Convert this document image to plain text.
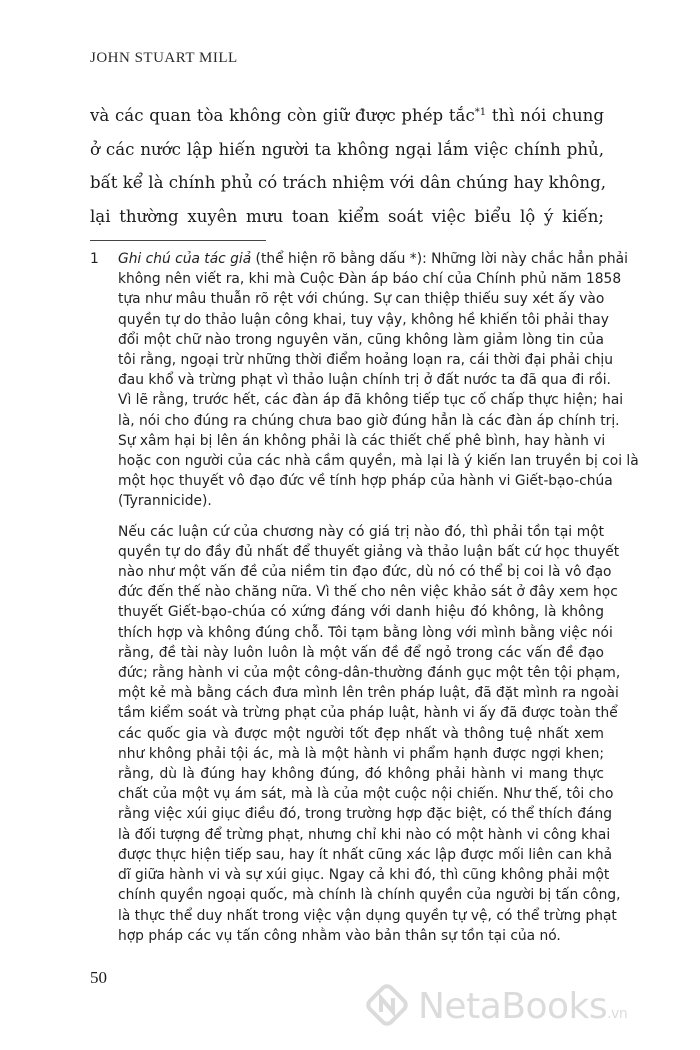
JOHN STUART MILL
và các quan tòa không còn giữ được phép tắc$^{*1}$ thì nói chung
ở các nước lập hiến người ta không ngại lắm việc chính phủ,
bất kể là chính phủ có trách nhiệm với dân chúng hay không,
lại thường xuyên mưu toan kiểm soát việc biểu lộ ý kiến;
1 Ghi chú của tác giả (thể hiện rõ bằng dấu *): Những lời này chắc hẳn phải
không nên viết ra, khi mà Cuộc Đàn áp báo chí của Chính phủ năm 1858
tựa như mâu thuẫn rõ rệt với chúng. Sự can thiệp thiếu suy xét ấy vào
quyền tự do thảo luận công khai, tuy vậy, không hề khiến tôi phải thay
đổi một chữ nào trong nguyên văn, cũng không làm giảm lòng tin của
tôi rằng, ngoại trừ những thời điểm hoảng loạn ra, cái thời đại phải chịu
đau khổ và trừng phạt vì thảo luận chính trị ở đất nước ta đã qua đi rồi.
Vì lẽ rằng, trước hết, các đàn áp đã không tiếp tục cố chấp thực hiện; hai
là, nói cho đúng ra chúng chưa bao giờ đúng hẳn là các đàn áp chính trị.
Sự xâm hại bị lên án không phải là các thiết chế phê bình, hay hành vi
hoặc con người của các nhà cầm quyền, mà lại là ý kiến lan truyền bị coi là
một học thuyết vô đạo đức về tính hợp pháp của hành vi Giết-bạo-chúa
(Tyrannicide).
Nếu các luận cứ của chương này có giá trị nào đó, thì phải tồn tại một
quyền tự do đầy đủ nhất để thuyết giảng và thảo luận bất cứ học thuyết
nào như một vấn đề của niềm tin đạo đức, dù nó có thể bị coi là vô đạo
đức đến thế nào chăng nữa. Vì thế cho nên việc khảo sát ở đây xem học
thuyết Giết-bạo-chúa có xứng đáng với danh hiệu đó không, là không
thích hợp và không đúng chỗ. Tôi tạm bằng lòng với mình bằng việc nói
rằng, đề tài này luôn luôn là một vấn đề để ngỏ trong các vấn đề đạo
đức; rằng hành vi của một công-dân-thường đánh gục một tên tội phạm,
một kẻ mà bằng cách đưa mình lên trên pháp luật, đã đặt mình ra ngoài
tầm kiểm soát và trừng phạt của pháp luật, hành vi ấy đã được toàn thể
các quốc gia và được một người tốt đẹp nhất và thông tuệ nhất xem
như không phải tội ác, mà là một hành vi phẩm hạnh được ngợi khen;
rằng, dù là đúng hay không đúng, đó không phải hành vi mang thực
chất của một vụ ám sát, mà là của một cuộc nội chiến. Như thế, tôi cho
rằng việc xúi giục điều đó, trong trường hợp đặc biệt, có thể thích đáng
là đối tượng để trừng phạt, nhưng chỉ khi nào có một hành vi công khai
được thực hiện tiếp sau, hay ít nhất cũng xác lập được mối liên can khả
dĩ giữa hành vi và sự xúi giục. Ngay cả khi đó, thì cũng không phải một
chính quyền ngoại quốc, mà chính là chính quyền của người bị tấn công,
là thực thể duy nhất trong việc vận dụng quyền tự vệ, có thể trừng phạt
hợp pháp các vụ tấn công nhằm vào bản thân sự tồn tại của nó.
50
NetaBooks.vn
